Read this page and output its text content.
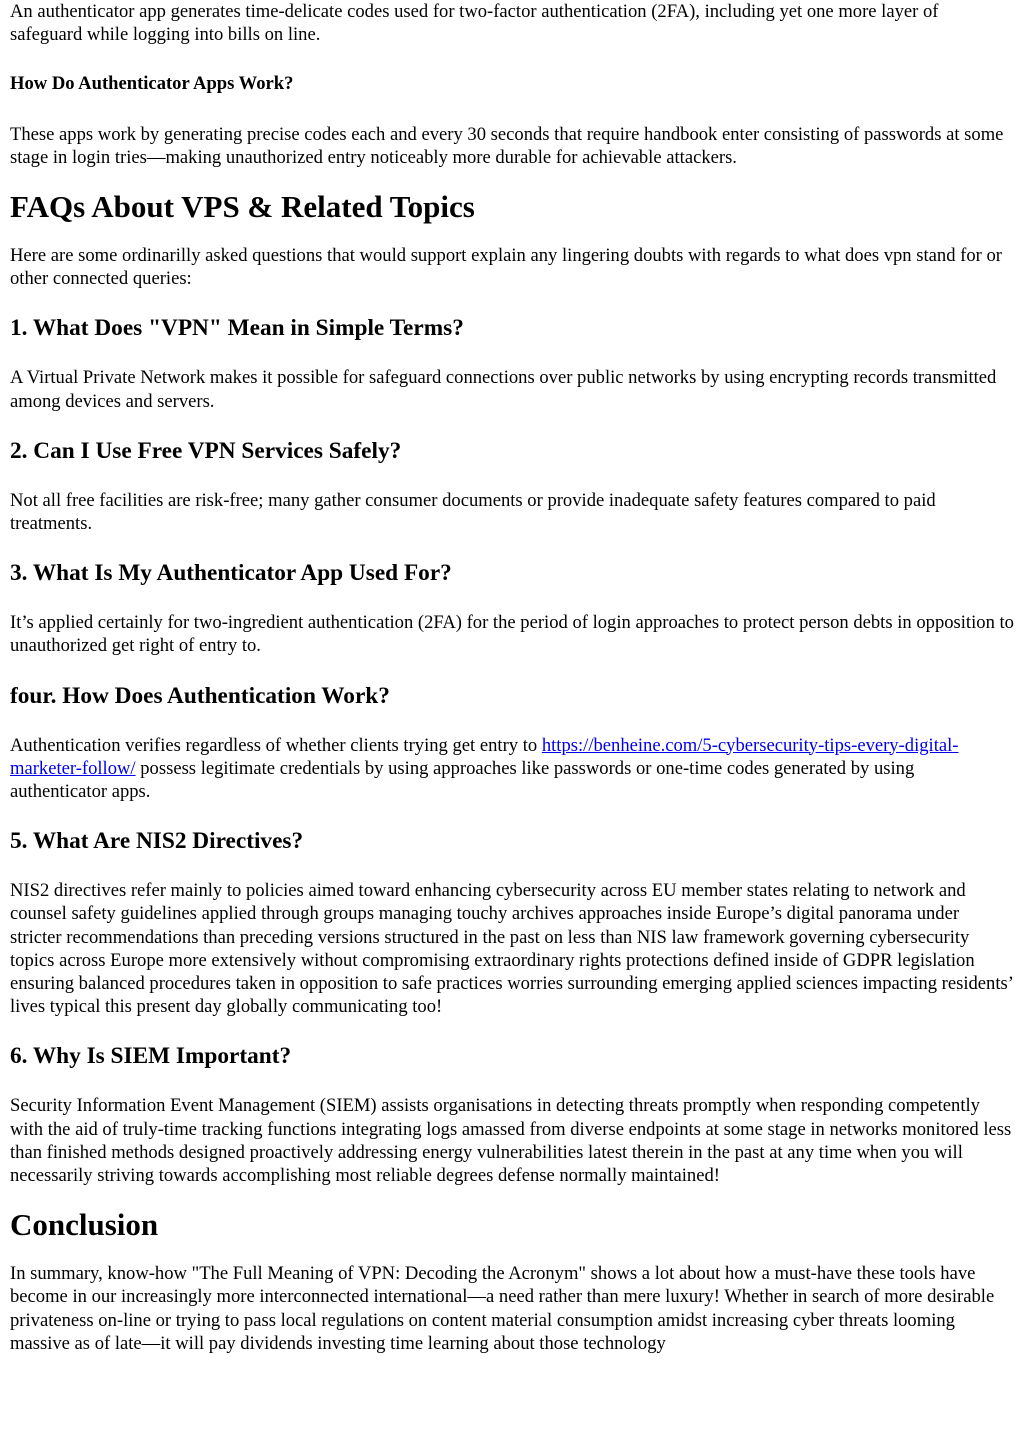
An authenticator app generates time-delicate codes used for two-factor authentication (2FA), including yet one more layer of safeguard while logging into bills on line.

How Do Authenticator Apps Work?

These apps work by generating precise codes each and every 30 seconds that require handbook enter consisting of passwords at some stage in login tries—making unauthorized entry noticeably more durable for achievable attackers.

FAQs About VPS & Related Topics

Here are some ordinarilly asked questions that would support explain any lingering doubts with regards to what does vpn stand for or other connected queries:

1. What Does "VPN" Mean in Simple Terms?

A Virtual Private Network makes it possible for safeguard connections over public networks by using encrypting records transmitted among devices and servers.

2. Can I Use Free VPN Services Safely?

Not all free facilities are risk-free; many gather consumer documents or provide inadequate safety features compared to paid treatments.

3. What Is My Authenticator App Used For?

It’s applied certainly for two-ingredient authentication (2FA) for the period of login approaches to protect person debts in opposition to unauthorized get right of entry to.

four. How Does Authentication Work?

Authentication verifies regardless of whether clients trying get entry to https://benheine.com/5-cybersecurity-tips-every-digital-marketer-follow/ possess legitimate credentials by using approaches like passwords or one-time codes generated by using authenticator apps.

5. What Are NIS2 Directives?

NIS2 directives refer mainly to policies aimed toward enhancing cybersecurity across EU member states relating to network and counsel safety guidelines applied through groups managing touchy archives approaches inside Europe’s digital panorama under stricter recommendations than preceding versions structured in the past on less than NIS law framework governing cybersecurity topics across Europe more extensively without compromising extraordinary rights protections defined inside of GDPR legislation ensuring balanced procedures taken in opposition to safe practices worries surrounding emerging applied sciences impacting residents’ lives typical this present day globally communicating too!

6. Why Is SIEM Important?

Security Information Event Management (SIEM) assists organisations in detecting threats promptly when responding competently with the aid of truly-time tracking functions integrating logs amassed from diverse endpoints at some stage in networks monitored less than finished methods designed proactively addressing energy vulnerabilities latest therein in the past at any time when you will necessarily striving towards accomplishing most reliable degrees defense normally maintained!

Conclusion

In summary, know-how "The Full Meaning of VPN: Decoding the Acronym" shows a lot about how a must-have these tools have become in our increasingly more interconnected international—a need rather than mere luxury! Whether in search of more desirable privateness on-line or trying to pass local regulations on content material consumption amidst increasing cyber threats looming massive as of late—it will pay dividends investing time learning about those technology
